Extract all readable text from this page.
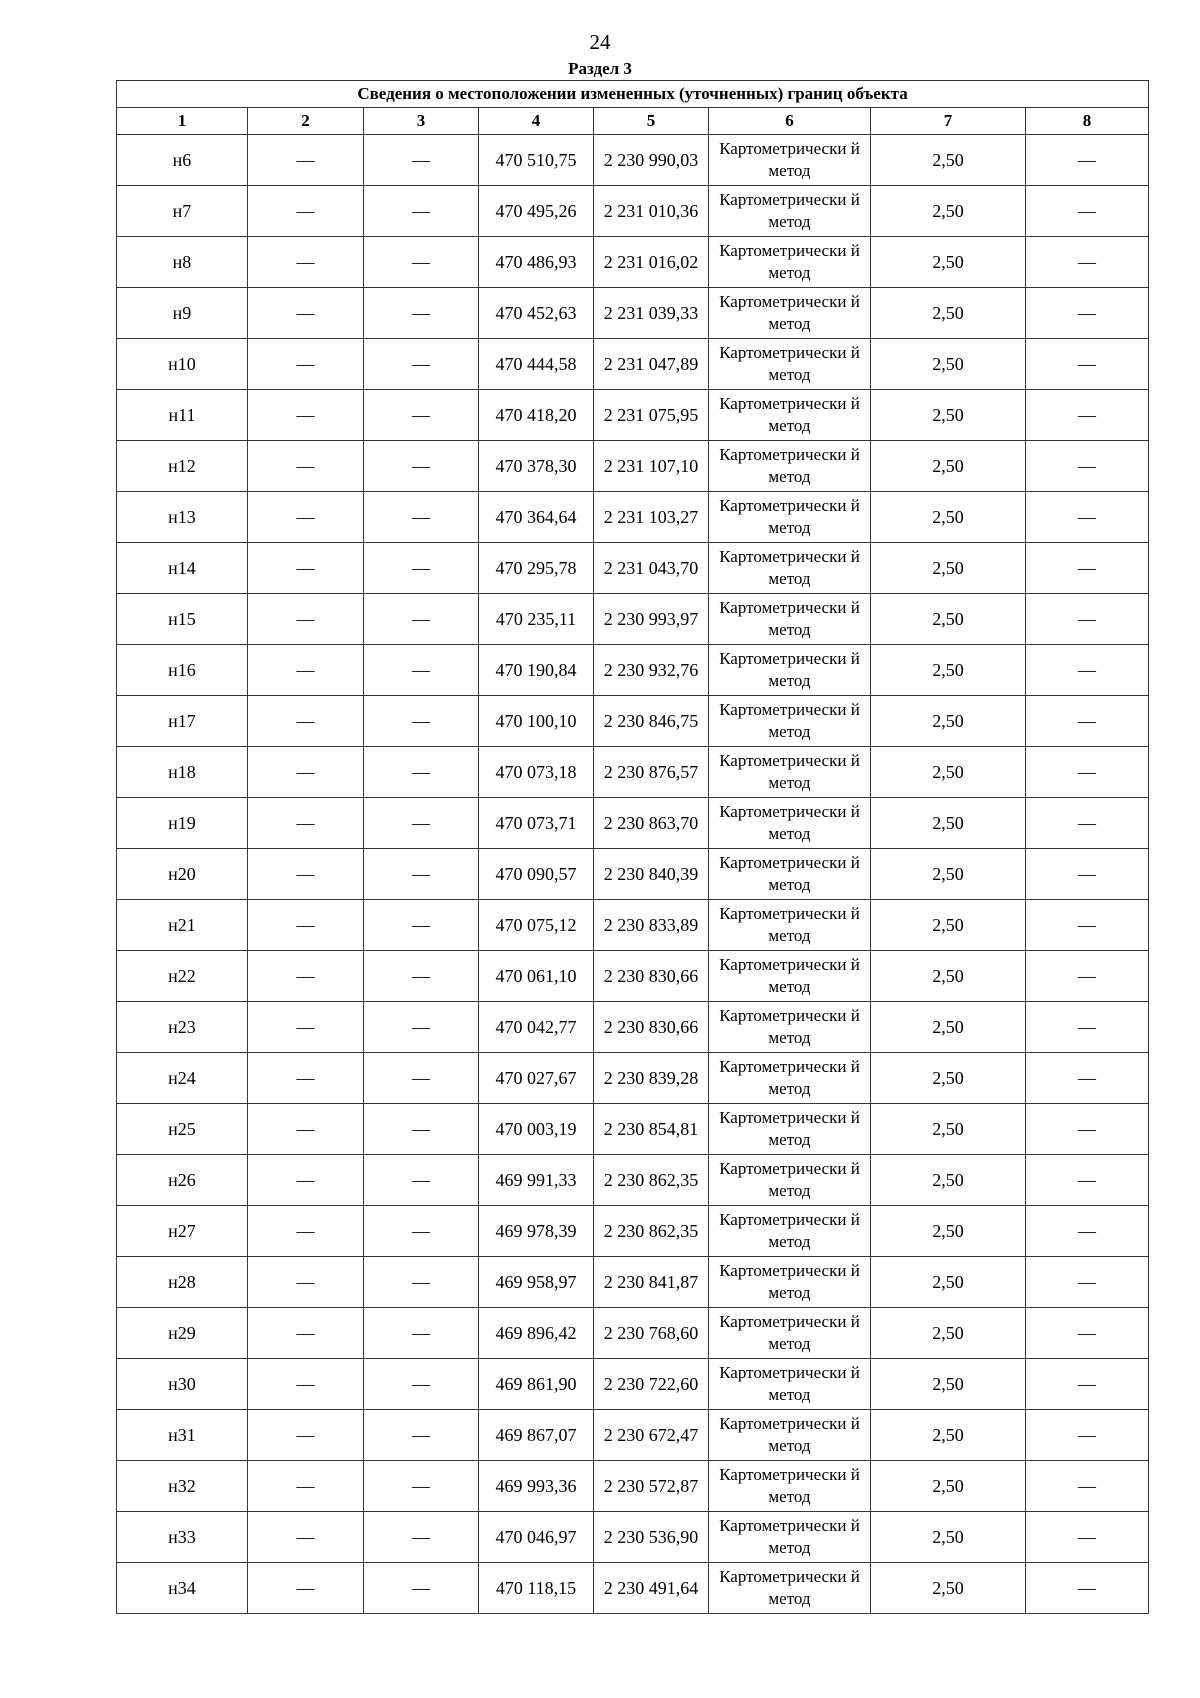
24
Раздел 3
Сведения о местоположении измененных (уточненных) границ объекта							
1	2	3	4	5	6	7	8
н6	—	—	470 510,75	2 230 990,03	Картометрически й метод	2,50	—
н7	—	—	470 495,26	2 231 010,36	Картометрически й метод	2,50	—
н8	—	—	470 486,93	2 231 016,02	Картометрически й метод	2,50	—
н9	—	—	470 452,63	2 231 039,33	Картометрически й метод	2,50	—
н10	—	—	470 444,58	2 231 047,89	Картометрически й метод	2,50	—
н11	—	—	470 418,20	2 231 075,95	Картометрически й метод	2,50	—
н12	—	—	470 378,30	2 231 107,10	Картометрически й метод	2,50	—
н13	—	—	470 364,64	2 231 103,27	Картометрически й метод	2,50	—
н14	—	—	470 295,78	2 231 043,70	Картометрически й метод	2,50	—
н15	—	—	470 235,11	2 230 993,97	Картометрически й метод	2,50	—
н16	—	—	470 190,84	2 230 932,76	Картометрически й метод	2,50	—
н17	—	—	470 100,10	2 230 846,75	Картометрически й метод	2,50	—
н18	—	—	470 073,18	2 230 876,57	Картометрически й метод	2,50	—
н19	—	—	470 073,71	2 230 863,70	Картометрически й метод	2,50	—
н20	—	—	470 090,57	2 230 840,39	Картометрически й метод	2,50	—
н21	—	—	470 075,12	2 230 833,89	Картометрически й метод	2,50	—
н22	—	—	470 061,10	2 230 830,66	Картометрически й метод	2,50	—
н23	—	—	470 042,77	2 230 830,66	Картометрически й метод	2,50	—
н24	—	—	470 027,67	2 230 839,28	Картометрически й метод	2,50	—
н25	—	—	470 003,19	2 230 854,81	Картометрически й метод	2,50	—
н26	—	—	469 991,33	2 230 862,35	Картометрически й метод	2,50	—
н27	—	—	469 978,39	2 230 862,35	Картометрически й метод	2,50	—
н28	—	—	469 958,97	2 230 841,87	Картометрически й метод	2,50	—
н29	—	—	469 896,42	2 230 768,60	Картометрически й метод	2,50	—
н30	—	—	469 861,90	2 230 722,60	Картометрически й метод	2,50	—
н31	—	—	469 867,07	2 230 672,47	Картометрически й метод	2,50	—
н32	—	—	469 993,36	2 230 572,87	Картометрически й метод	2,50	—
н33	—	—	470 046,97	2 230 536,90	Картометрически й метод	2,50	—
н34	—	—	470 118,15	2 230 491,64	Картометрически й метод	2,50	—
